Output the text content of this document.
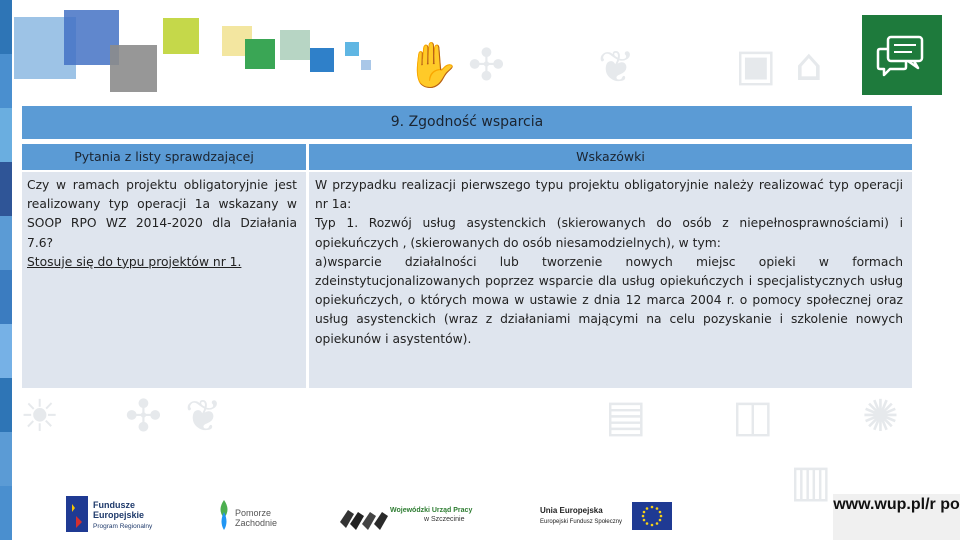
✋ ✣ ❦ ▣ ⌂
☀ ✣ ❦	▤ ◫ ✺
▥
9. Zgodność wsparcia
Pytania z listy sprawdzającej	Wskazówki
Czy w ramach projektu obligatoryjnie jest realizowany typ operacji 1a wskazany w SOOP RPO WZ 2014-2020 dla Działania 7.6?
Stosuje się do typu projektów nr 1.

W przypadku realizacji pierwszego typu projektu obligatoryjnie należy realizować typ operacji nr 1a:

Typ 1. Rozwój usług asystenckich (skierowanych do osób z niepełnosprawnościami) i opiekuńczych , (skierowanych do osób niesamodzielnych), w tym:

a)wsparcie działalności lub tworzenie nowych miejsc opieki w formach zdeinstytucjonalizowanych poprzez wsparcie dla usług opiekuńczych i specjalistycznych usług opiekuńczych, o których mowa w ustawie z dnia 12 marca 2004 r. o pomocy społecznej oraz usług asystenckich (wraz z działaniami mającymi na celu pozyskanie i szkolenie nowych opiekunów i asystentów).

Fundusze
Europejskie
Program Regionalny
Pomorze
Zachodnie
Wojewódzki Urząd Pracy
w Szczecinie
Unia Europejska
Europejski Fundusz Społeczny
www.wup.pl/r po
